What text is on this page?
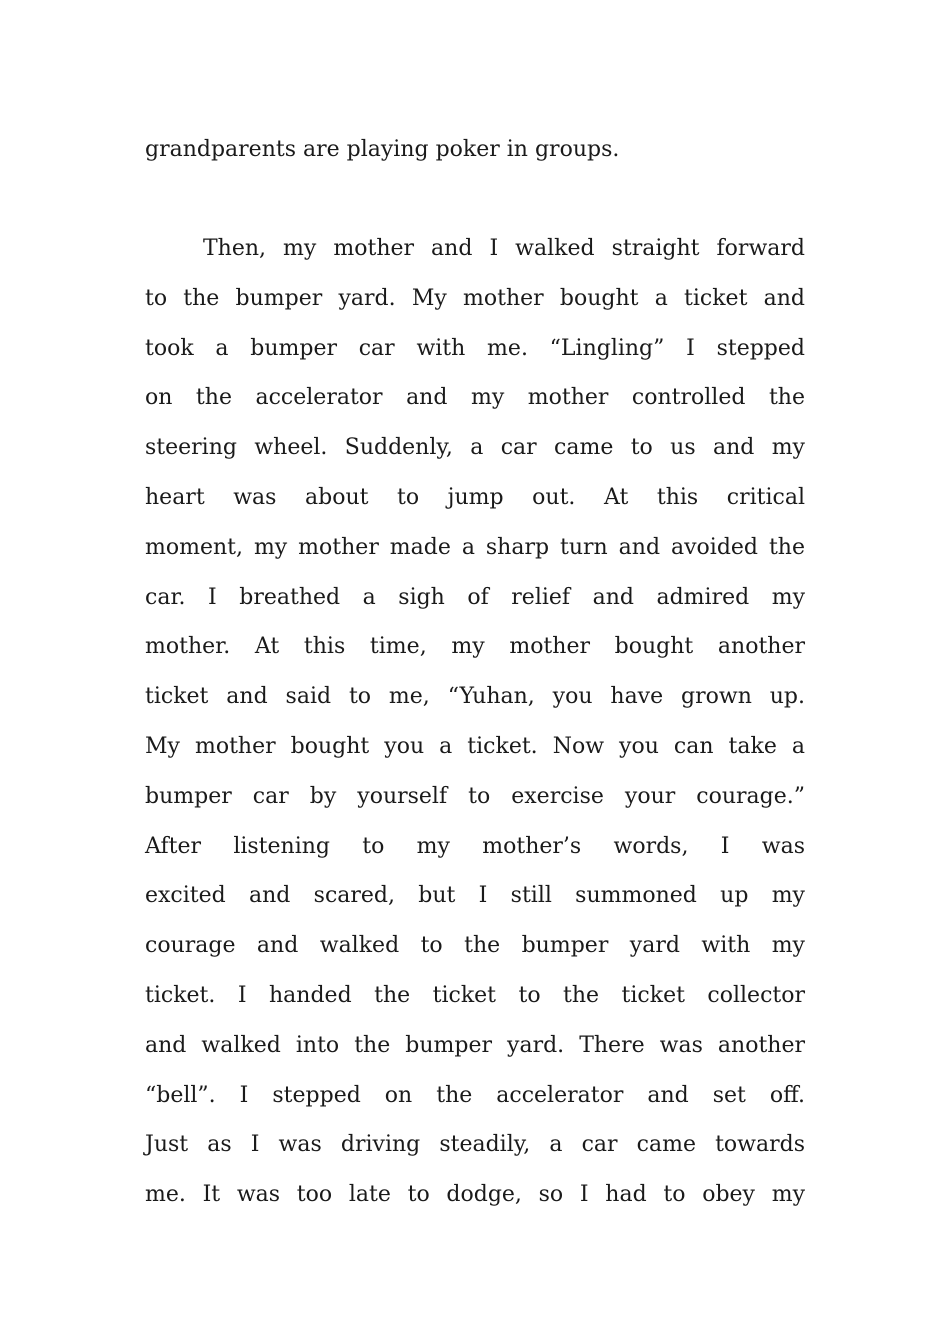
grandparents are playing poker in groups.
Then, my mother and I walked straight forward
to the bumper yard. My mother bought a ticket and
took a bumper car with me. “Lingling” I stepped
on the accelerator and my mother controlled the
steering wheel. Suddenly, a car came to us and my
heart was about to jump out. At this critical
moment, my mother made a sharp turn and avoided the
car. I breathed a sigh of relief and admired my
mother. At this time, my mother bought another
ticket and said to me, “Yuhan, you have grown up.
My mother bought you a ticket. Now you can take a
bumper car by yourself to exercise your courage.”
After listening to my mother’s words, I was
excited and scared, but I still summoned up my
courage and walked to the bumper yard with my
ticket. I handed the ticket to the ticket collector
and walked into the bumper yard. There was another
“bell”. I stepped on the accelerator and set off.
Just as I was driving steadily, a car came towards
me. It was too late to dodge, so I had to obey my
